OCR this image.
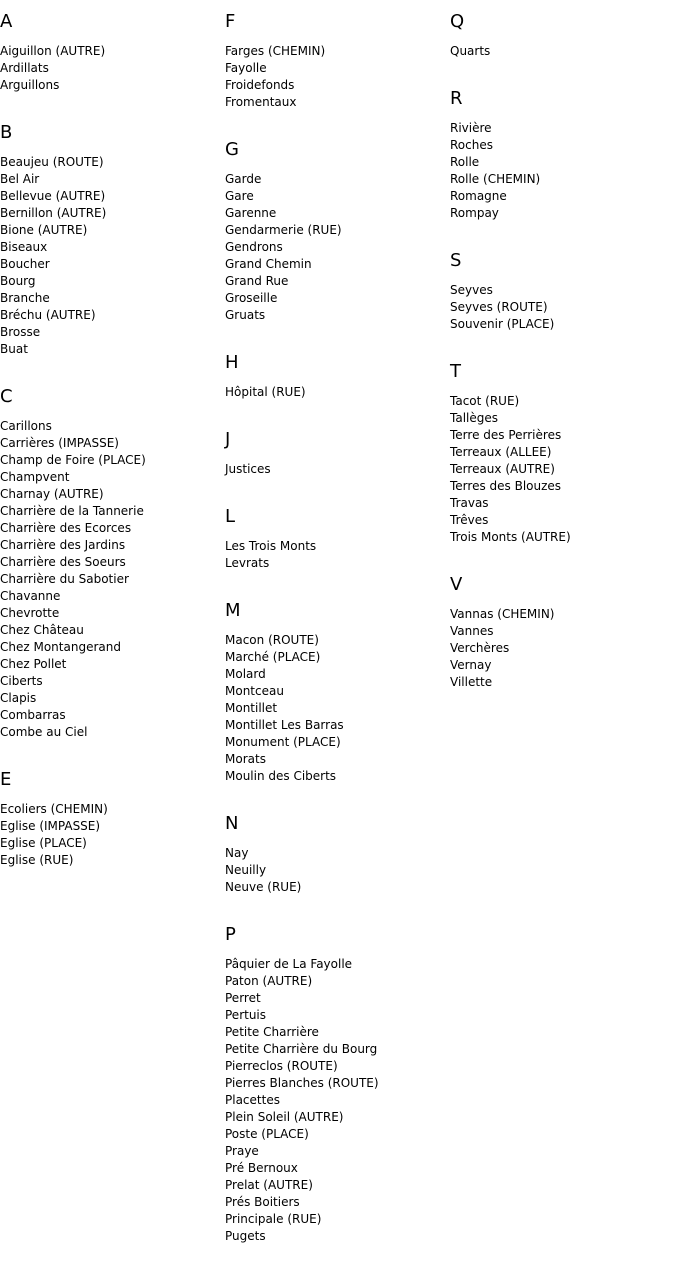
A
Aiguillon (AUTRE)
Ardillats
Arguillons
B
Beaujeu (ROUTE)
Bel Air
Bellevue (AUTRE)
Bernillon (AUTRE)
Bione (AUTRE)
Biseaux
Boucher
Bourg
Branche
Bréchu (AUTRE)
Brosse
Buat
C
Carillons
Carrières (IMPASSE)
Champ de Foire (PLACE)
Champvent
Charnay (AUTRE)
Charrière de la Tannerie
Charrière des Ecorces
Charrière des Jardins
Charrière des Soeurs
Charrière du Sabotier
Chavanne
Chevrotte
Chez Château
Chez Montangerand
Chez Pollet
Ciberts
Clapis
Combarras
Combe au Ciel
E
Ecoliers (CHEMIN)
Eglise (IMPASSE)
Eglise (PLACE)
Eglise (RUE)
F
Farges (CHEMIN)
Fayolle
Froidefonds
Fromentaux
G
Garde
Gare
Garenne
Gendarmerie (RUE)
Gendrons
Grand Chemin
Grand Rue
Groseille
Gruats
H
Hôpital (RUE)
J
Justices
L
Les Trois Monts
Levrats
M
Macon (ROUTE)
Marché (PLACE)
Molard
Montceau
Montillet
Montillet Les Barras
Monument (PLACE)
Morats
Moulin des Ciberts
N
Nay
Neuilly
Neuve (RUE)
P
Pâquier de La Fayolle
Paton (AUTRE)
Perret
Pertuis
Petite Charrière
Petite Charrière du Bourg
Pierreclos (ROUTE)
Pierres Blanches (ROUTE)
Placettes
Plein Soleil (AUTRE)
Poste (PLACE)
Praye
Pré Bernoux
Prelat (AUTRE)
Prés Boitiers
Principale (RUE)
Pugets
Q
Quarts
R
Rivière
Roches
Rolle
Rolle (CHEMIN)
Romagne
Rompay
S
Seyves
Seyves (ROUTE)
Souvenir (PLACE)
T
Tacot (RUE)
Tallèges
Terre des Perrières
Terreaux (ALLEE)
Terreaux (AUTRE)
Terres des Blouzes
Travas
Trêves
Trois Monts (AUTRE)
V
Vannas (CHEMIN)
Vannes
Verchères
Vernay
Villette
